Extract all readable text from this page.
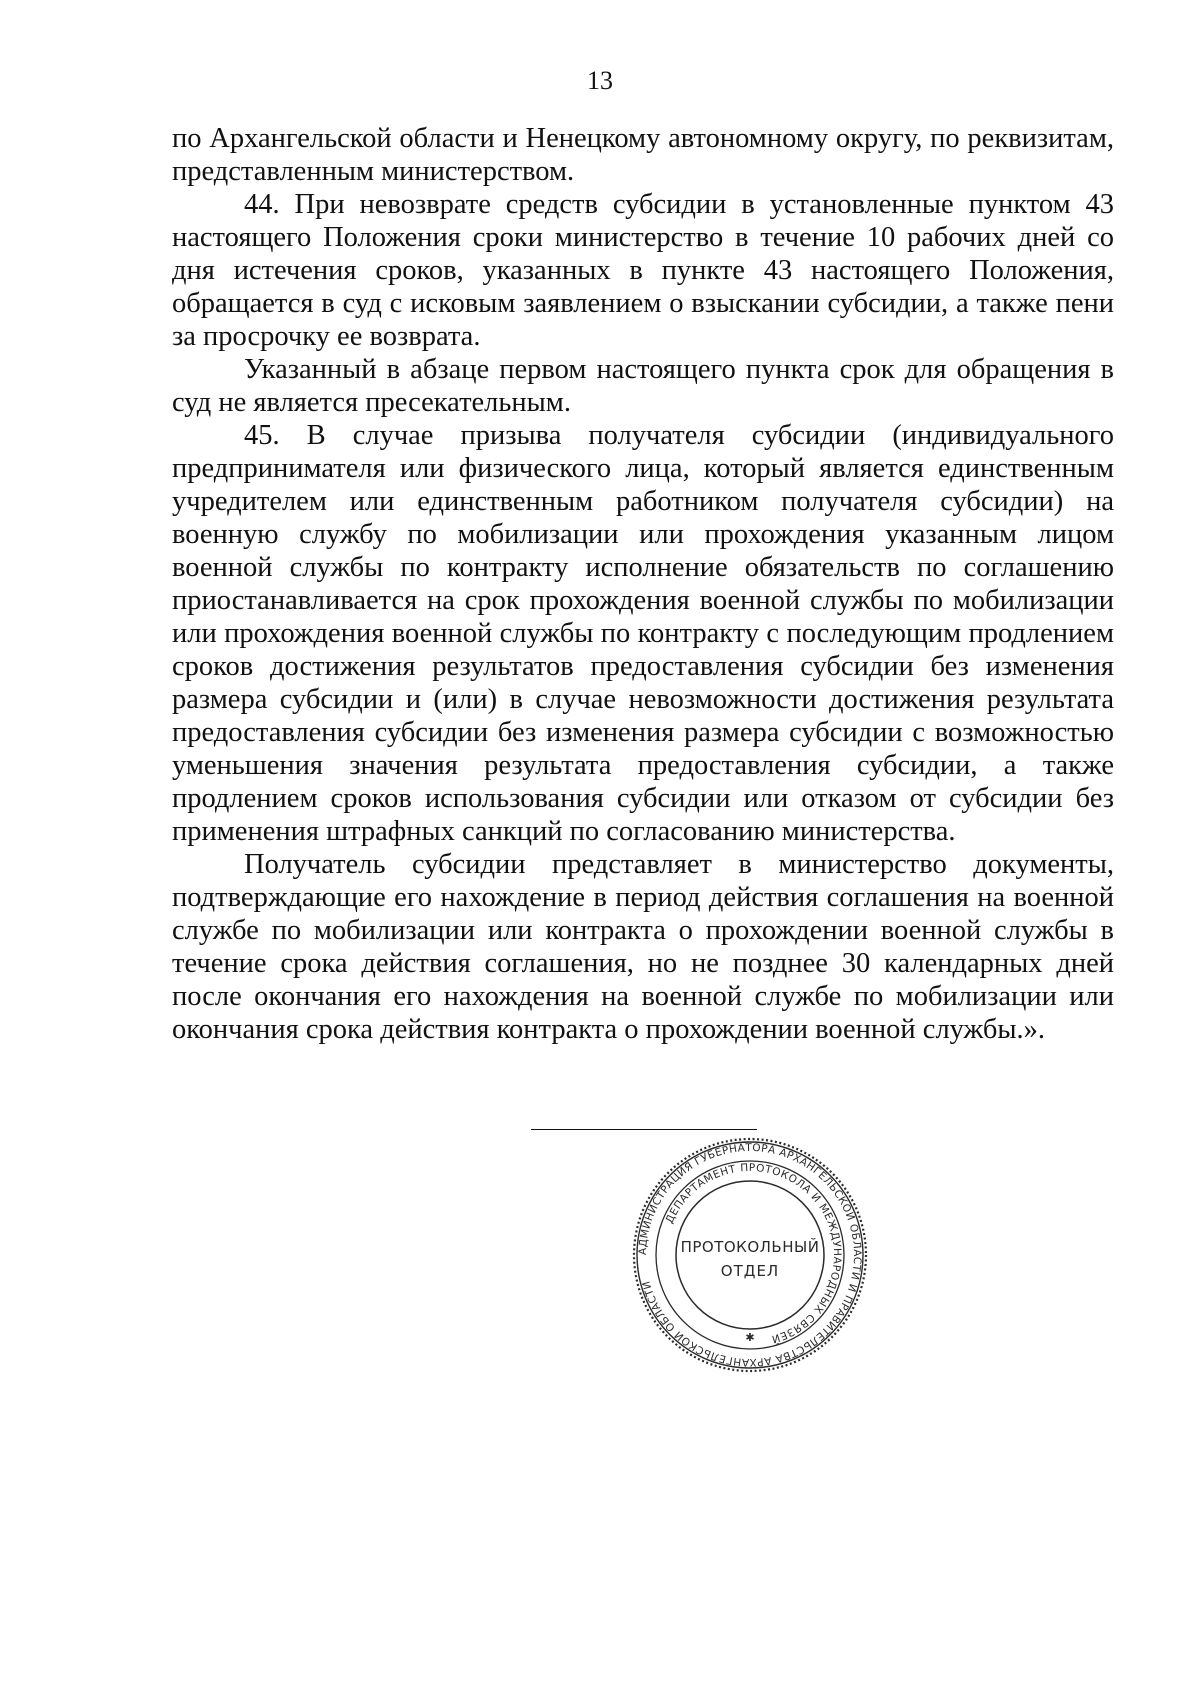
13

по Архангельской области и Ненецкому автономному округу, по реквизитам, представленным министерством.

44. При невозврате средств субсидии в установленные пунктом 43 настоящего Положения сроки министерство в течение 10 рабочих дней со дня истечения сроков, указанных в пункте 43 настоящего Положения, обращается в суд с исковым заявлением о взыскании субсидии, а также пени за просрочку ее возврата.

Указанный в абзаце первом настоящего пункта срок для обращения в суд не является пресекательным.

45. В случае призыва получателя субсидии (индивидуального предпринимателя или физического лица, который является единственным учредителем или единственным работником получателя субсидии) на военную службу по мобилизации или прохождения указанным лицом военной службы по контракту исполнение обязательств по соглашению приостанавливается на срок прохождения военной службы по мобилизации или прохождения военной службы по контракту с последующим продлением сроков достижения результатов предоставления субсидии без изменения размера субсидии и (или) в случае невозможности достижения результата предоставления субсидии без изменения размера субсидии с возможностью уменьшения значения результата предоставления субсидии, а также продлением сроков использования субсидии или отказом от субсидии без применения штрафных санкций по согласованию министерства.

Получатель субсидии представляет в министерство документы, подтверждающие его нахождение в период действия соглашения на военной службе по мобилизации или контракта о прохождении военной службы в течение срока действия соглашения, но не позднее 30 календарных дней после окончания его нахождения на военной службе по мобилизации или окончания срока действия контракта о прохождении военной службы.».

АДМИНИСТРАЦИЯ ГУБЕРНАТОРА АРХАНГЕЛЬСКОЙ ОБЛАСТИ И ПРАВИТЕЛЬСТВА АРХАНГЕЛЬСКОЙ ОБЛАСТИ
ДЕПАРТАМЕНТ ПРОТОКОЛА И МЕЖДУНАРОДНЫХ СВЯЗЕЙ
ПРОТОКОЛЬНЫЙ
ОТДЕЛ
✱
